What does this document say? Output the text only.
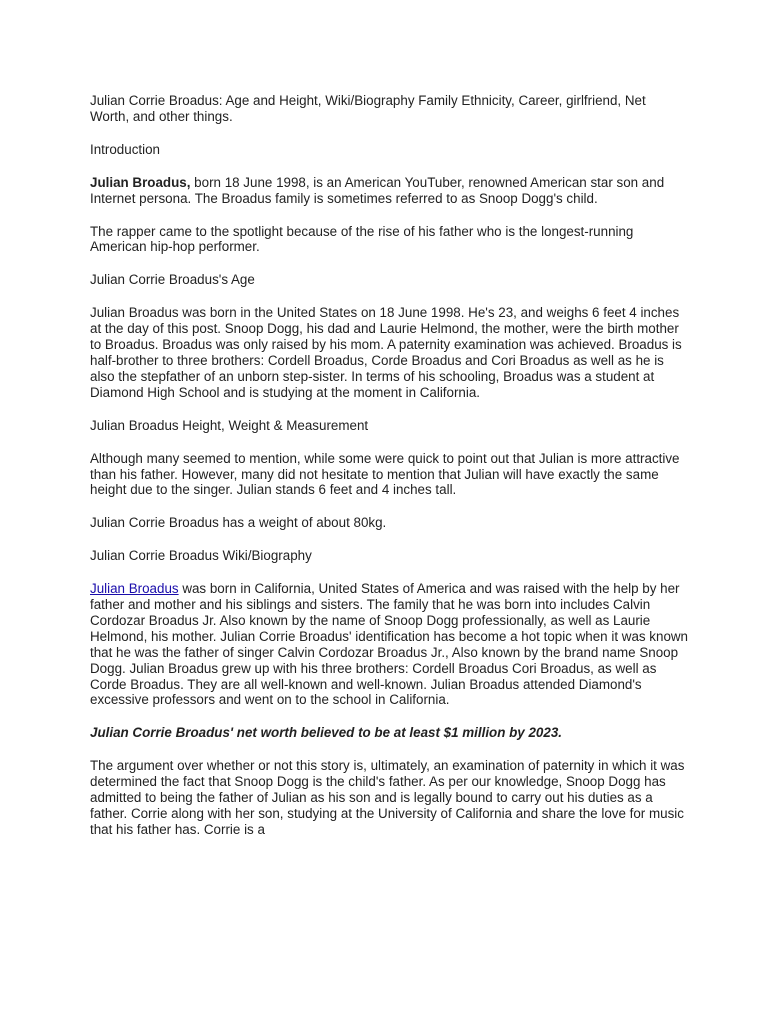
Julian Corrie Broadus: Age and Height, Wiki/Biography Family Ethnicity, Career, girlfriend, Net Worth, and other things.

Introduction

Julian Broadus, born 18 June 1998, is an American YouTuber, renowned American star son and Internet persona. The Broadus family is sometimes referred to as Snoop Dogg's child.

The rapper came to the spotlight because of the rise of his father who is the longest-running American hip-hop performer.

Julian Corrie Broadus's Age

Julian Broadus was born in the United States on 18 June 1998. He's 23, and weighs 6 feet 4 inches at the day of this post. Snoop Dogg, his dad and Laurie Helmond, the mother, were the birth mother to Broadus. Broadus was only raised by his mom. A paternity examination was achieved. Broadus is half-brother to three brothers: Cordell Broadus, Corde Broadus and Cori Broadus as well as he is also the stepfather of an unborn step-sister. In terms of his schooling, Broadus was a student at Diamond High School and is studying at the moment in California.

Julian Broadus Height, Weight & Measurement

Although many seemed to mention, while some were quick to point out that Julian is more attractive than his father. However, many did not hesitate to mention that Julian will have exactly the same height due to the singer. Julian stands 6 feet and 4 inches tall.

Julian Corrie Broadus has a weight of about 80kg.

Julian Corrie Broadus Wiki/Biography

Julian Broadus was born in California, United States of America and was raised with the help by her father and mother and his siblings and sisters. The family that he was born into includes Calvin Cordozar Broadus Jr. Also known by the name of Snoop Dogg professionally, as well as Laurie Helmond, his mother. Julian Corrie Broadus' identification has become a hot topic when it was known that he was the father of singer Calvin Cordozar Broadus Jr., Also known by the brand name Snoop Dogg. Julian Broadus grew up with his three brothers: Cordell Broadus Cori Broadus, as well as Corde Broadus. They are all well-known and well-known. Julian Broadus attended Diamond's excessive professors and went on to the school in California.

Julian Corrie Broadus' net worth believed to be at least $1 million by 2023.

The argument over whether or not this story is, ultimately, an examination of paternity in which it was determined the fact that Snoop Dogg is the child's father. As per our knowledge, Snoop Dogg has admitted to being the father of Julian as his son and is legally bound to carry out his duties as a father. Corrie along with her son, studying at the University of California and share the love for music that his father has. Corrie is a
